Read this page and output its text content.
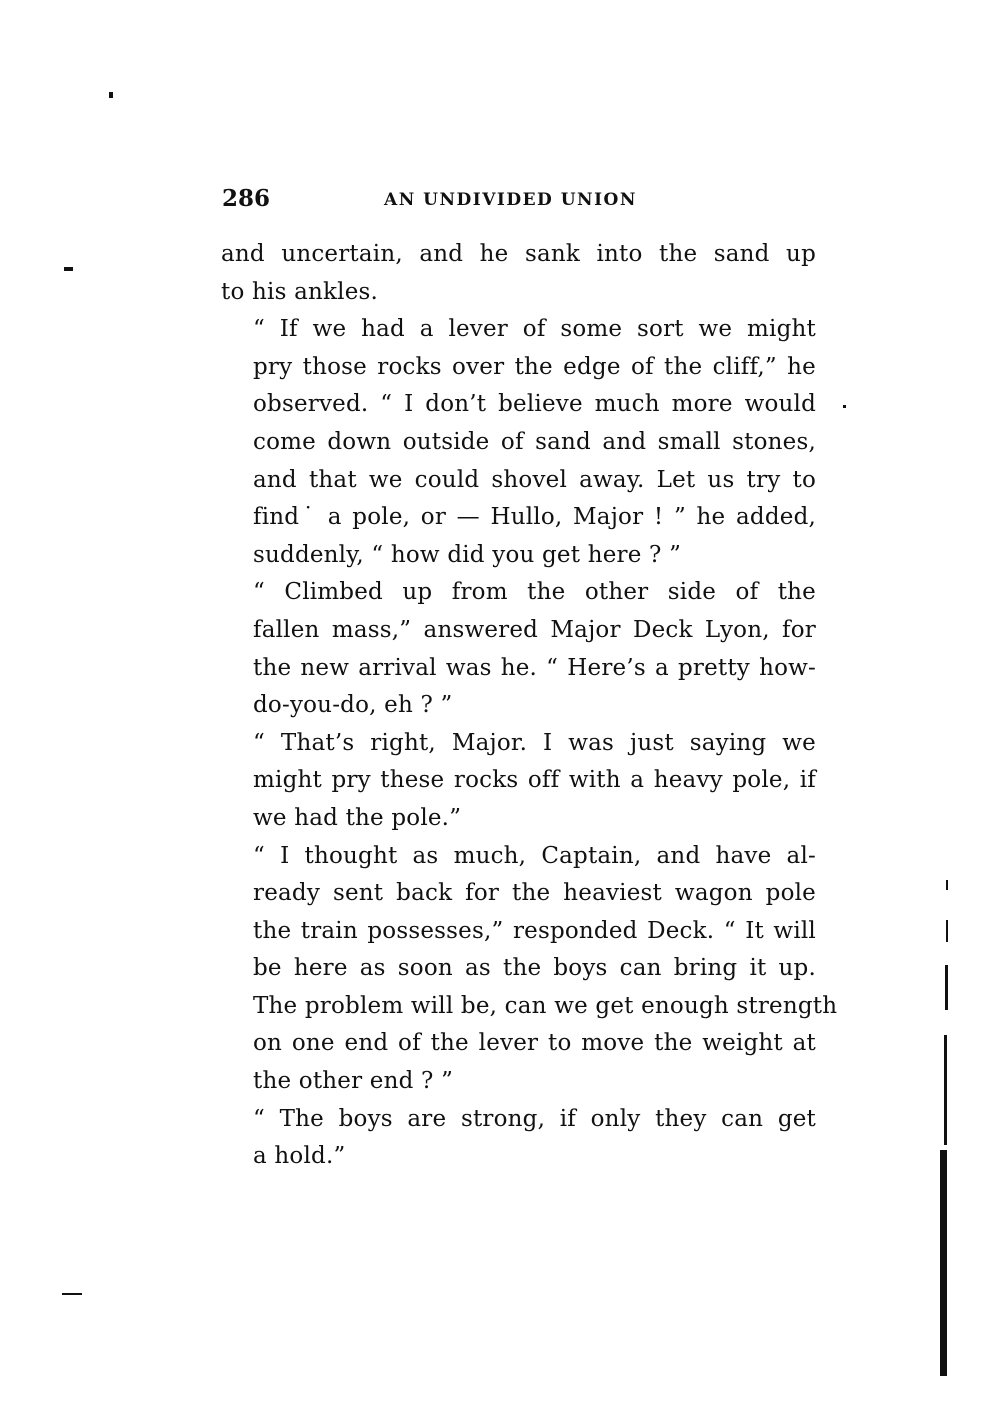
286	AN UNDIVIDED UNION

and uncertain, and he sank into the sand up
to his ankles.

“ If we had a lever of some sort we might
pry those rocks over the edge of the cliff,” he
observed. “ I don’t believe much more would
come down outside of sand and small stones,
and that we could shovel away. Let us try to
find˙ a pole, or — Hullo, Major ! ” he added,
suddenly, “ how did you get here ? ”

“ Climbed up from the other side of the
fallen mass,” answered Major Deck Lyon, for
the new arrival was he. “ Here’s a pretty how-
do-you-do, eh ? ”

“ That’s right, Major. I was just saying we
might pry these rocks off with a heavy pole, if
we had the pole.”

“ I thought as much, Captain, and have al-
ready sent back for the heaviest wagon pole
the train possesses,” responded Deck. “ It will
be here as soon as the boys can bring it up.
The problem will be, can we get enough strength
on one end of the lever to move the weight at
the other end ? ”

“ The boys are strong, if only they can get
a hold.”
